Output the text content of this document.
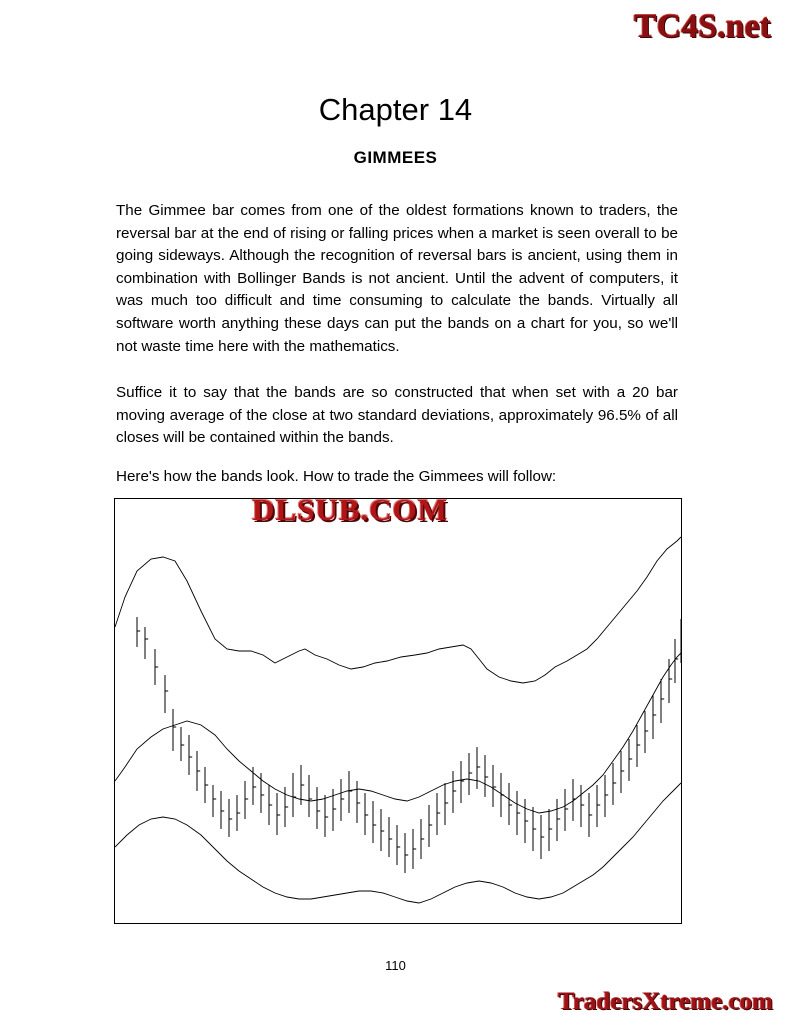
TC4S.net
Chapter 14
GIMMEES
The Gimmee bar comes from one of the oldest formations known to traders, the reversal bar at the end of rising or falling prices when a market is seen overall to be going sideways. Although the recognition of reversal bars is ancient, using them in combination with Bollinger Bands is not ancient. Until the advent of computers, it was much too difficult and time consuming to calculate the bands. Virtually all software worth anything these days can put the bands on a chart for you, so we'll not waste time here with the mathematics.
Suffice it to say that the bands are so constructed that when set with a 20 bar moving average of the close at two standard deviations, approximately 96.5% of all closes will be contained within the bands.
Here's how the bands look. How to trade the Gimmees will follow:
DLSUB.COM
110
TradersXtreme.com
